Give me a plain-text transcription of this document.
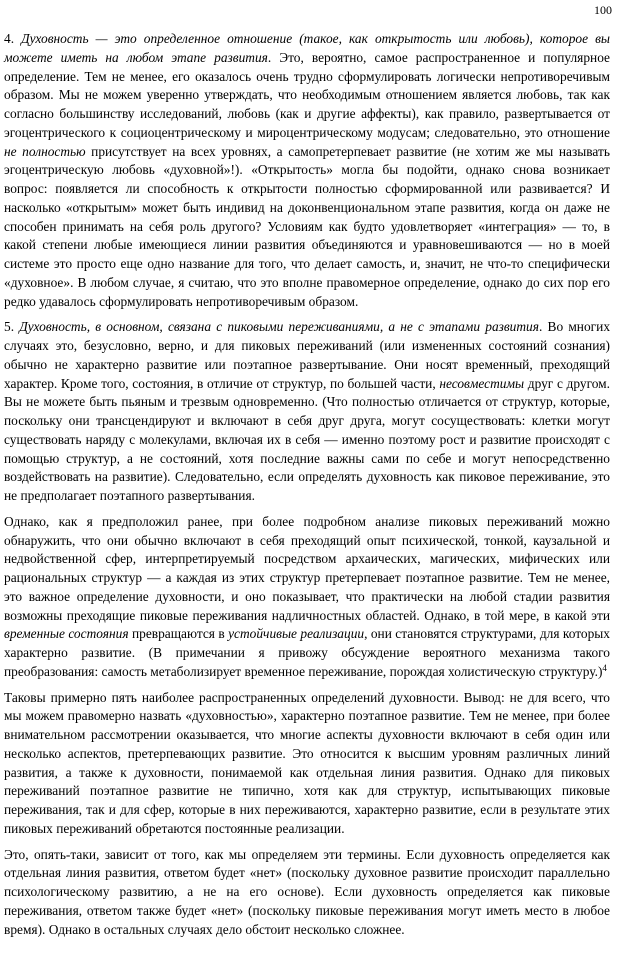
100

4. Духовность — это определенное отношение (такое, как открытость или любовь), которое вы можете иметь на любом этапе развития. Это, вероятно, самое распространенное и популярное определение. Тем не менее, его оказалось очень трудно сформулировать логически непротиворечивым образом. Мы не можем уверенно утверждать, что необходимым отношением является любовь, так как согласно большинству исследований, любовь (как и другие аффекты), как правило, развертывается от эгоцентрического к социоцентрическому и мироцентрическому модусам; следовательно, это отношение не полностью присутствует на всех уровнях, а самопретерпевает развитие (не хотим же мы называть эгоцентрическую любовь «духовной»!). «Открытость» могла бы подойти, однако снова возникает вопрос: появляется ли способность к открытости полностью сформированной или развивается? И насколько «открытым» может быть индивид на доконвенциональном этапе развития, когда он даже не способен принимать на себя роль другого? Условиям как будто удовлетворяет «интеграция» — то, в какой степени любые имеющиеся линии развития объединяются и уравновешиваются — но в моей системе это просто еще одно название для того, что делает самость, и, значит, не что-то специфически «духовное». В любом случае, я считаю, что это вполне правомерное определение, однако до сих пор его редко удавалось сформулировать непротиворечивым образом.

5. Духовность, в основном, связана с пиковыми переживаниями, а не с этапами развития. Во многих случаях это, безусловно, верно, и для пиковых переживаний (или измененных состояний сознания) обычно не характерно развитие или поэтапное развертывание. Они носят временный, преходящий характер. Кроме того, состояния, в отличие от структур, по большей части, несовместимы друг с другом. Вы не можете быть пьяным и трезвым одновременно. (Что полностью отличается от структур, которые, поскольку они трансцендируют и включают в себя друг друга, могут сосуществовать: клетки могут существовать наряду с молекулами, включая их в себя — именно поэтому рост и развитие происходят с помощью структур, а не состояний, хотя последние важны сами по себе и могут непосредственно воздействовать на развитие). Следовательно, если определять духовность как пиковое переживание, это не предполагает поэтапного развертывания.

Однако, как я предположил ранее, при более подробном анализе пиковых переживаний можно обнаружить, что они обычно включают в себя преходящий опыт психической, тонкой, каузальной и недвойственной сфер, интерпретируемый посредством архаических, магических, мифических или рациональных структур — а каждая из этих структур претерпевает поэтапное развитие. Тем не менее, это важное определение духовности, и оно показывает, что практически на любой стадии развития возможны преходящие пиковые переживания надличностных областей. Однако, в той мере, в какой эти временные состояния превращаются в устойчивые реализации, они становятся структурами, для которых характерно развитие. (В примечании я привожу обсуждение вероятного механизма такого преобразования: самость метаболизирует временное переживание, порождая холистическую структуру.)$^4$

Таковы примерно пять наиболее распространенных определений духовности. Вывод: не для всего, что мы можем правомерно назвать «духовностью», характерно поэтапное развитие. Тем не менее, при более внимательном рассмотрении оказывается, что многие аспекты духовности включают в себя один или несколько аспектов, претерпевающих развитие. Это относится к высшим уровням различных линий развития, а также к духовности, понимаемой как отдельная линия развития. Однако для пиковых переживаний поэтапное развитие не типично, хотя как для структур, испытывающих пиковые переживания, так и для сфер, которые в них переживаются, характерно развитие, если в результате этих пиковых переживаний обретаются постоянные реализации.

Это, опять-таки, зависит от того, как мы определяем эти термины. Если духовность определяется как отдельная линия развития, ответом будет «нет» (поскольку духовное развитие происходит параллельно психологическому развитию, а не на его основе). Если духовность определяется как пиковые переживания, ответом также будет «нет» (поскольку пиковые переживания могут иметь место в любое время). Однако в остальных случаях дело обстоит несколько сложнее.
